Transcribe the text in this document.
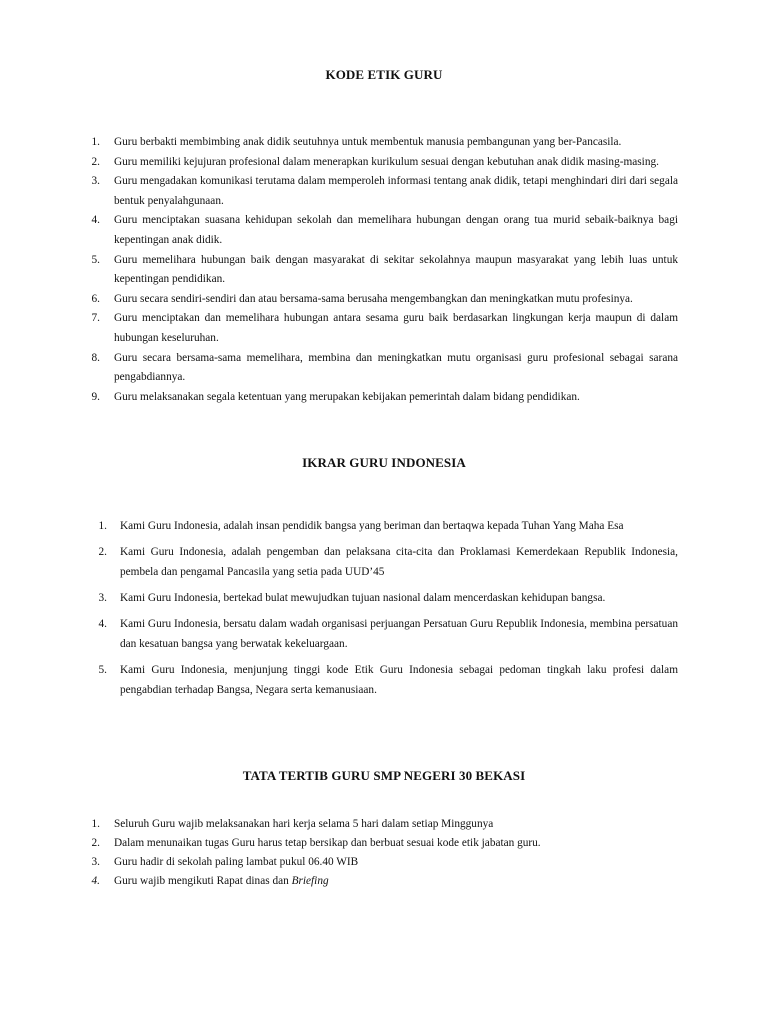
KODE ETIK GURU
1. Guru berbakti membimbing anak didik seutuhnya untuk membentuk manusia pembangunan yang ber-Pancasila.
2. Guru memiliki kejujuran profesional dalam menerapkan kurikulum sesuai dengan kebutuhan anak didik masing-masing.
3. Guru mengadakan komunikasi terutama dalam memperoleh informasi tentang anak didik, tetapi menghindari diri dari segala bentuk penyalahgunaan.
4. Guru menciptakan suasana kehidupan sekolah dan memelihara hubungan dengan orang tua murid sebaik-baiknya bagi kepentingan anak didik.
5. Guru memelihara hubungan baik dengan masyarakat di sekitar sekolahnya maupun masyarakat yang lebih luas untuk kepentingan pendidikan.
6. Guru secara sendiri-sendiri dan atau bersama-sama berusaha mengembangkan dan meningkatkan mutu profesinya.
7. Guru menciptakan dan memelihara hubungan antara sesama guru baik berdasarkan lingkungan kerja maupun di dalam hubungan keseluruhan.
8. Guru secara bersama-sama memelihara, membina dan meningkatkan mutu organisasi guru profesional sebagai sarana pengabdiannya.
9. Guru melaksanakan segala ketentuan yang merupakan kebijakan pemerintah dalam bidang pendidikan.
IKRAR GURU INDONESIA
1. Kami Guru Indonesia, adalah insan pendidik bangsa yang beriman dan bertaqwa kepada Tuhan Yang Maha Esa
2. Kami Guru Indonesia, adalah pengemban dan pelaksana cita-cita dan Proklamasi Kemerdekaan Republik Indonesia, pembela dan pengamal Pancasila yang setia pada UUD’45
3. Kami Guru Indonesia, bertekad bulat mewujudkan tujuan nasional dalam mencerdaskan kehidupan bangsa.
4. Kami Guru Indonesia, bersatu dalam wadah organisasi perjuangan Persatuan Guru Republik Indonesia, membina persatuan dan kesatuan bangsa yang berwatak kekeluargaan.
5. Kami Guru Indonesia, menjunjung tinggi kode Etik Guru Indonesia sebagai pedoman tingkah laku profesi dalam pengabdian terhadap Bangsa, Negara serta kemanusiaan.
TATA TERTIB GURU SMP NEGERI 30 BEKASI
1. Seluruh Guru wajib melaksanakan hari kerja selama 5 hari dalam setiap Minggunya
2. Dalam menunaikan tugas Guru harus tetap bersikap dan berbuat sesuai kode etik jabatan guru.
3. Guru hadir di sekolah paling lambat pukul 06.40 WIB
4. Guru wajib mengikuti Rapat dinas dan Briefing
